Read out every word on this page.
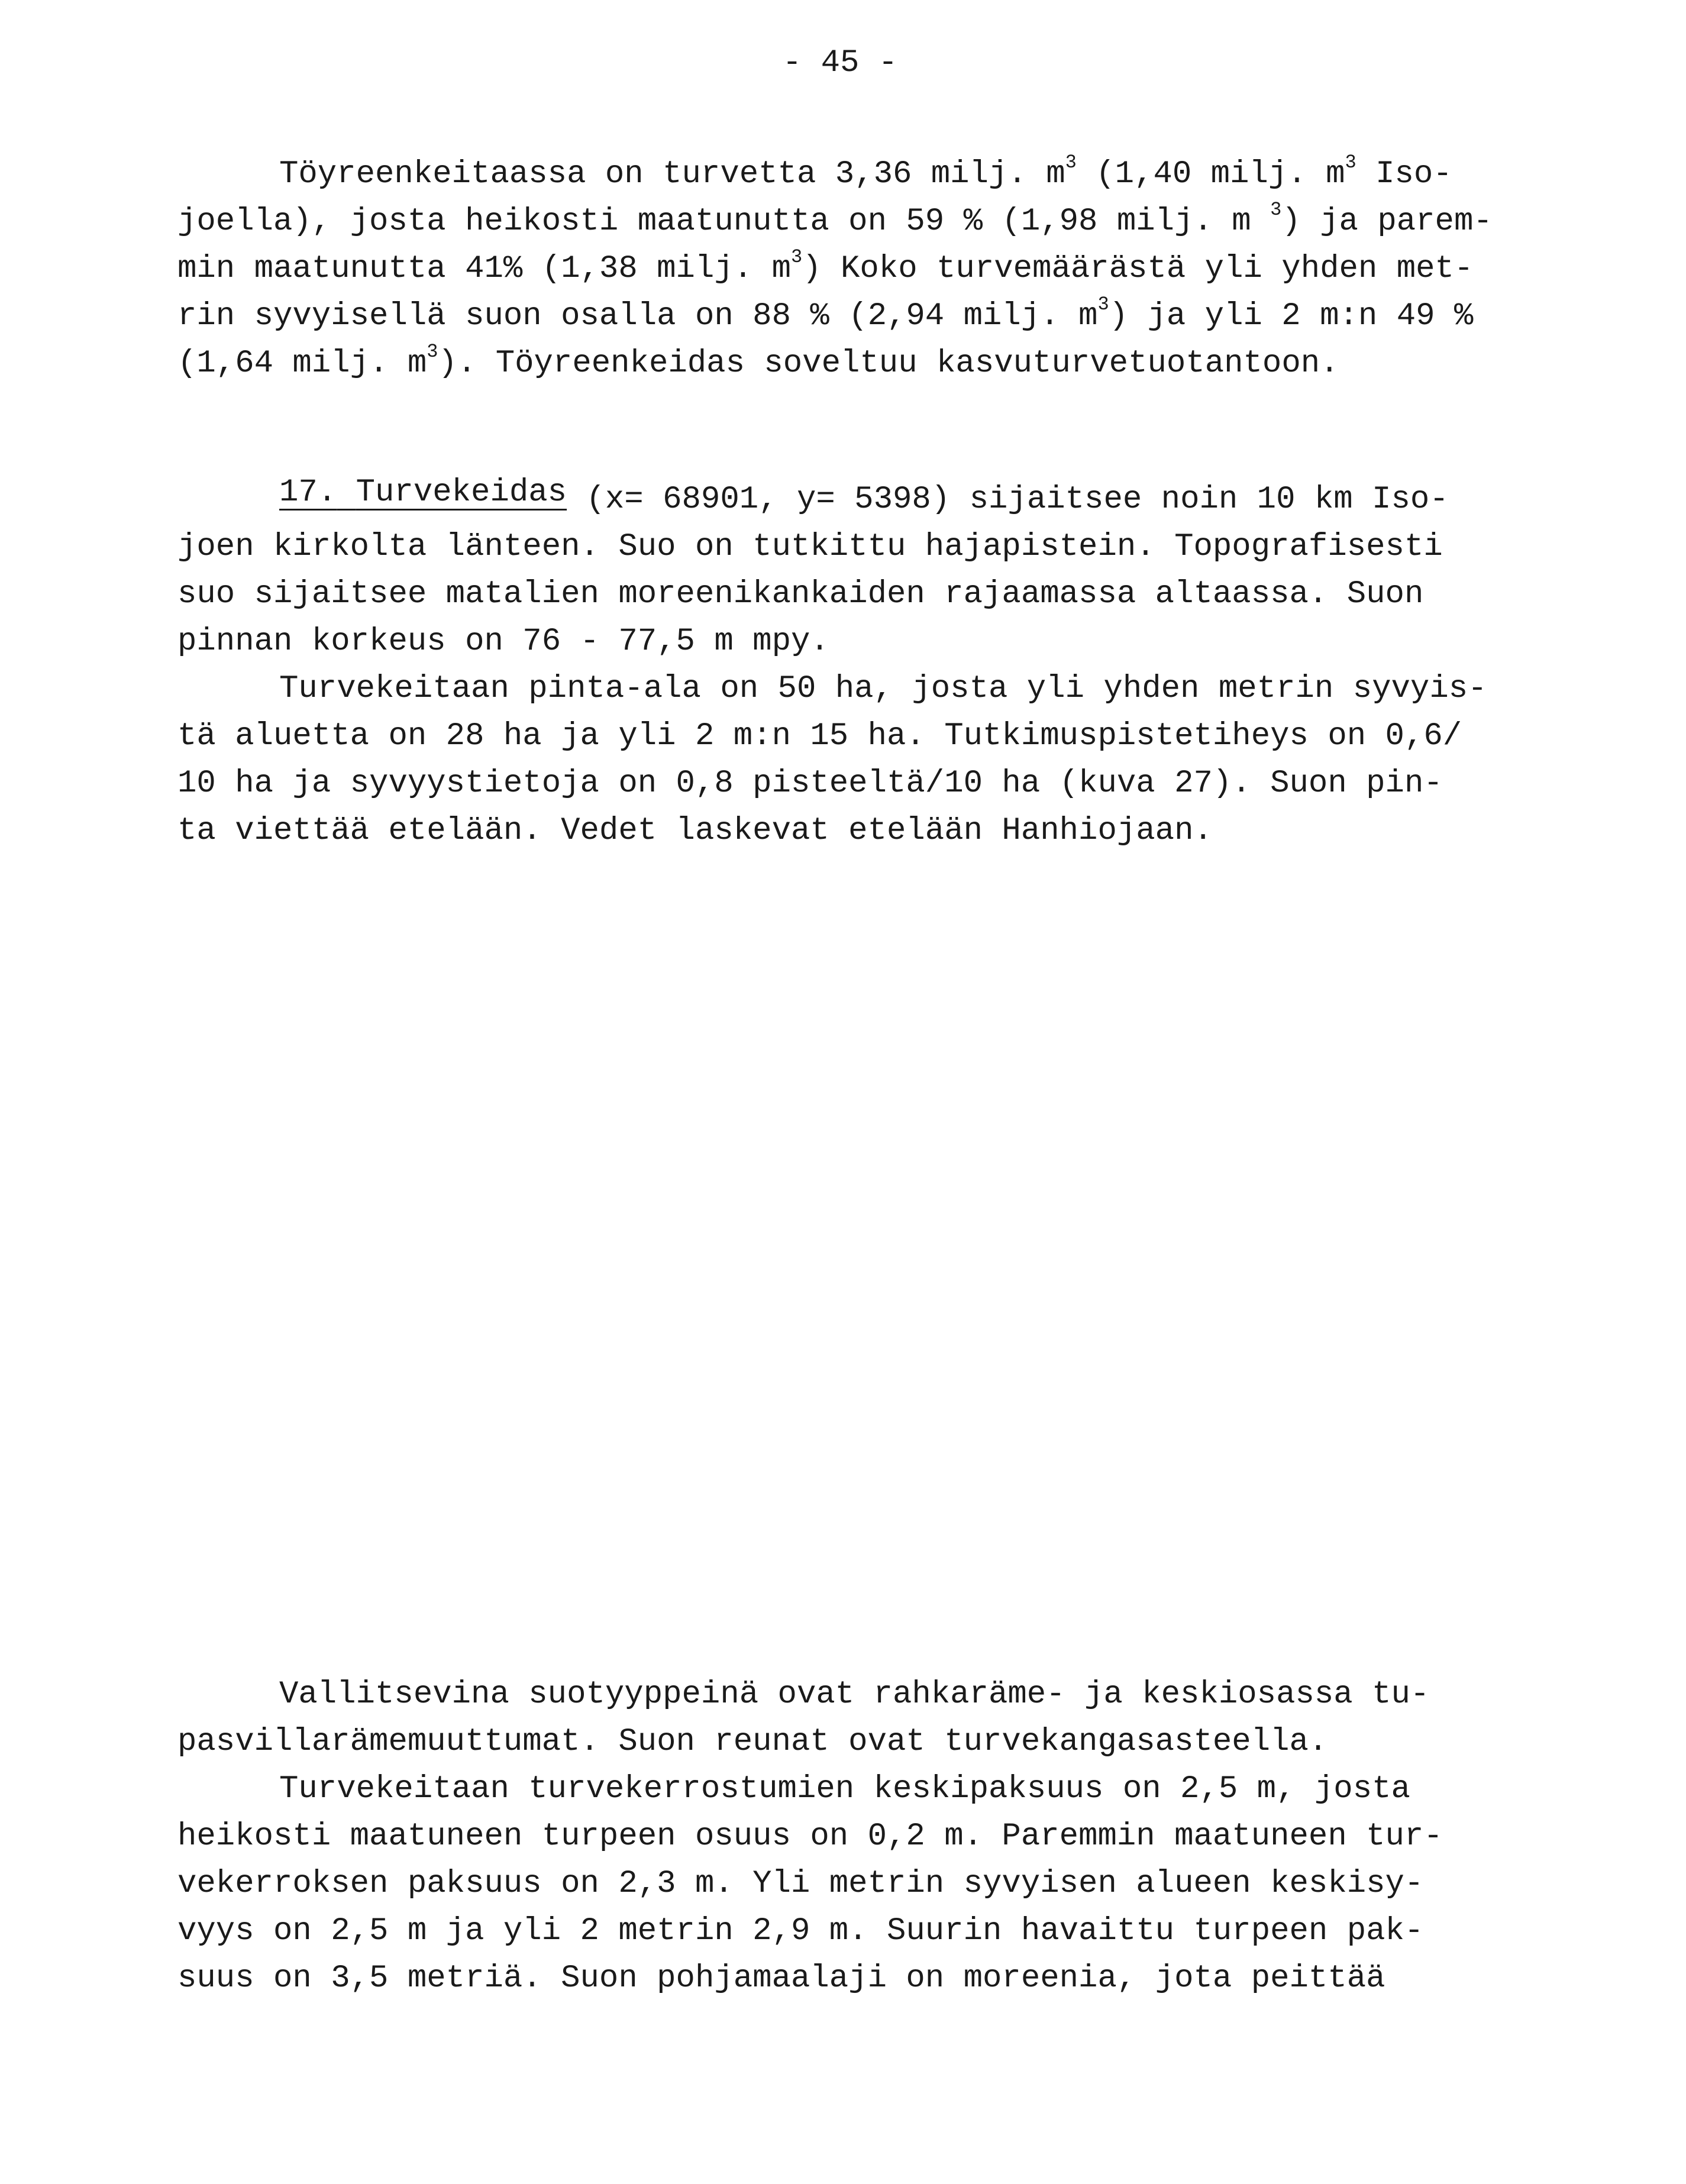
- 45 -
Töyreenkeitaassa on turvetta 3,36 milj. $m^3$ (1,40 milj. $m^3$ Iso-
joella), josta heikosti maatunutta on 59 % (1,98 milj. m $^3$) ja parem-
min maatunutta 41% (1,38 milj. $m^3$) Koko turvemäärästä yli yhden met-
rin syvyisellä suon osalla on 88 % (2,94 milj. $m^3$) ja yli 2 m:n 49 %
(1,64 milj. $m^3$). Töyreenkeidas soveltuu kasvuturvetuotantoon.
17. Turvekeidas (x= 68901, y= 5398) sijaitsee noin 10 km Iso-
joen kirkolta länteen. Suo on tutkittu hajapistein. Topografisesti
suo sijaitsee matalien moreenikankaiden rajaamassa altaassa. Suon
pinnan korkeus on 76 - 77,5 m mpy.
Turvekeitaan pinta-ala on 50 ha, josta yli yhden metrin syvyis-
tä aluetta on 28 ha ja yli 2 m:n 15 ha. Tutkimuspistetiheys on 0,6/
10 ha ja syvyystietoja on 0,8 pisteeltä/10 ha (kuva 27). Suon pin-
ta viettää etelään. Vedet laskevat etelään Hanhiojaan.
Vallitsevina suotyyppeinä ovat rahkaräme- ja keskiosassa tu-
pasvillarämemuuttumat. Suon reunat ovat turvekangasasteella.
Turvekeitaan turvekerrostumien keskipaksuus on 2,5 m, josta
heikosti maatuneen turpeen osuus on 0,2 m. Paremmin maatuneen tur-
vekerroksen paksuus on 2,3 m. Yli metrin syvyisen alueen keskisy-
vyys on 2,5 m ja yli 2 metrin 2,9 m. Suurin havaittu turpeen pak-
suus on 3,5 metriä. Suon pohjamaalaji on moreenia, jota peittää
